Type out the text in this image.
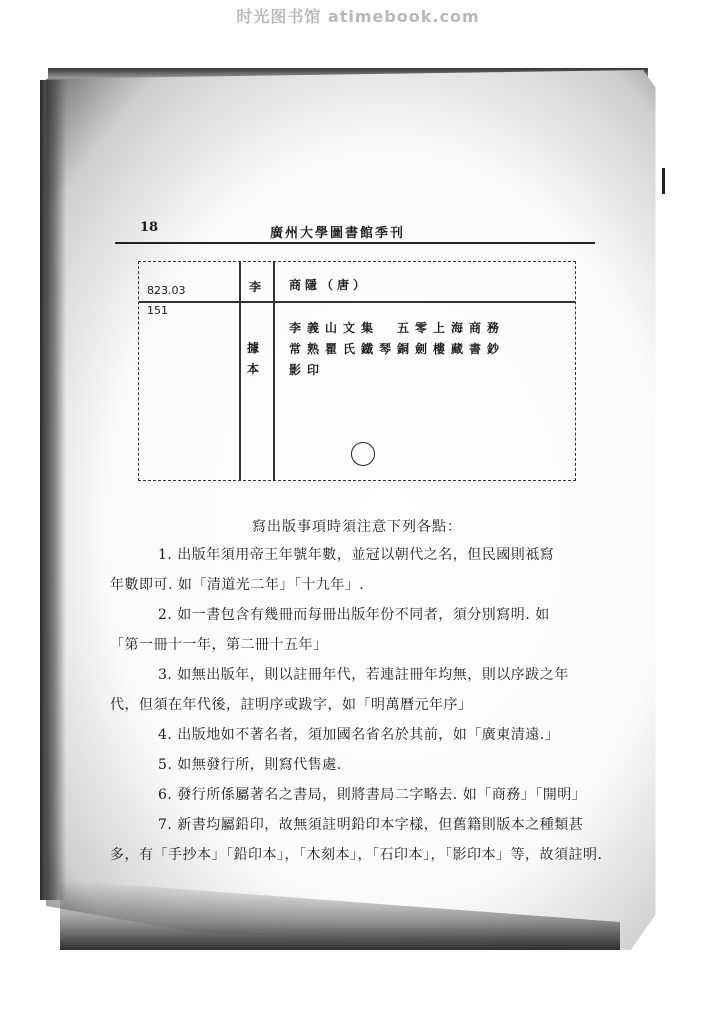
时光图书馆 atimebook.com
18	廣州大學圖書館季刊
823.03
151
李 商隱（唐）
據本
李義山文集　五零上海商務
常熟瞿氏鐵琴銅劍樓藏書鈔
影印
寫出版事項時須注意下列各點：

1. 出版年須用帝王年號年數，並冠以朝代之名，但民國則祗寫

年數即可. 如「清道光二年」「十九年」.

2. 如一書包含有幾冊而每冊出版年份不同者，須分別寫明. 如

「第一冊十一年，第二冊十五年」

3. 如無出版年，則以註冊年代，若連註冊年均無，則以序跋之年

代，但須在年代後，註明序或跋字，如「明萬曆元年序」

4. 出版地如不著名者，須加國名省名於其前，如「廣東清遠.」

5. 如無發行所，則寫代售處.

6. 發行所係屬著名之書局，則將書局二字略去. 如「商務」「開明」

7. 新書均屬鉛印，故無須註明鉛印本字樣，但舊籍則版本之種類甚

多，有「手抄本」「鉛印本」，「木刻本」，「石印本」，「影印本」等，故須註明.
